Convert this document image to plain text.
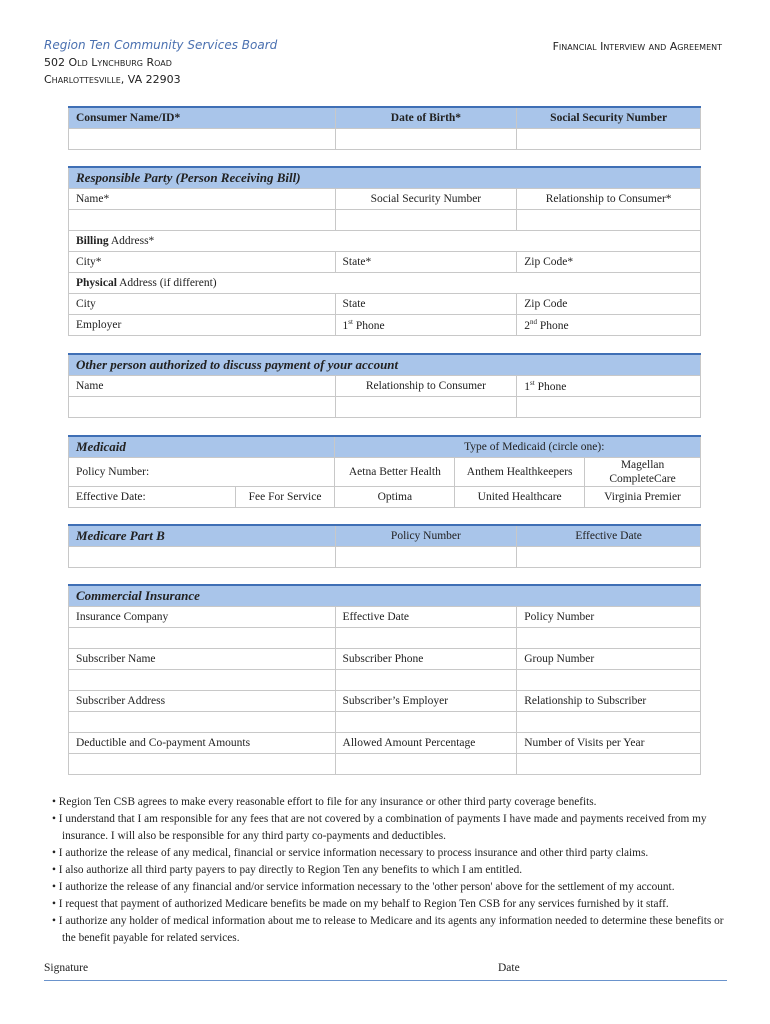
Region Ten Community Services Board
502 Old Lynchburg Road
Charlottesville, VA 22903
Financial Interview and Agreement
Consumer Name/ID*	Date of Birth*	Social Security Number

Responsible Party (Person Receiving Bill)		
Name*	Social Security Number	Relationship to Consumer*

Billing Address*		
City*	State*	Zip Code*
Physical Address (if different)		
City	State	Zip Code
Employer	1st Phone	2nd Phone
Other person authorized to discuss payment of your account		
Name	Relationship to Consumer	1st Phone

Medicaid		Type of Medicaid (circle one):		
Policy Number:		Aetna Better Health	Anthem Healthkeepers	Magellan CompleteCare
Effective Date:	Fee For Service	Optima	United Healthcare	Virginia Premier
Medicare Part B	Policy Number	Effective Date

Commercial Insurance		
Insurance Company	Effective Date	Policy Number

Subscriber Name	Subscriber Phone	Group Number

Subscriber Address	Subscriber’s Employer	Relationship to Subscriber

Deductible and Co-payment Amounts	Allowed Amount Percentage	Number of Visits per Year

• Region Ten CSB agrees to make every reasonable effort to file for any insurance or other third party coverage benefits.
• I understand that I am responsible for any fees that are not covered by a combination of payments I have made and payments received from my insurance. I will also be responsible for any third party co-payments and deductibles.
• I authorize the release of any medical, financial or service information necessary to process insurance and other third party claims.
• I also authorize all third party payers to pay directly to Region Ten any benefits to which I am entitled.
• I authorize the release of any financial and/or service information necessary to the 'other person' above for the settlement of my account.
• I request that payment of authorized Medicare benefits be made on my behalf to Region Ten CSB for any services furnished by it staff.
• I authorize any holder of medical information about me to release to Medicare and its agents any information needed to determine these benefits or the benefit payable for related services.
Signature	Date
